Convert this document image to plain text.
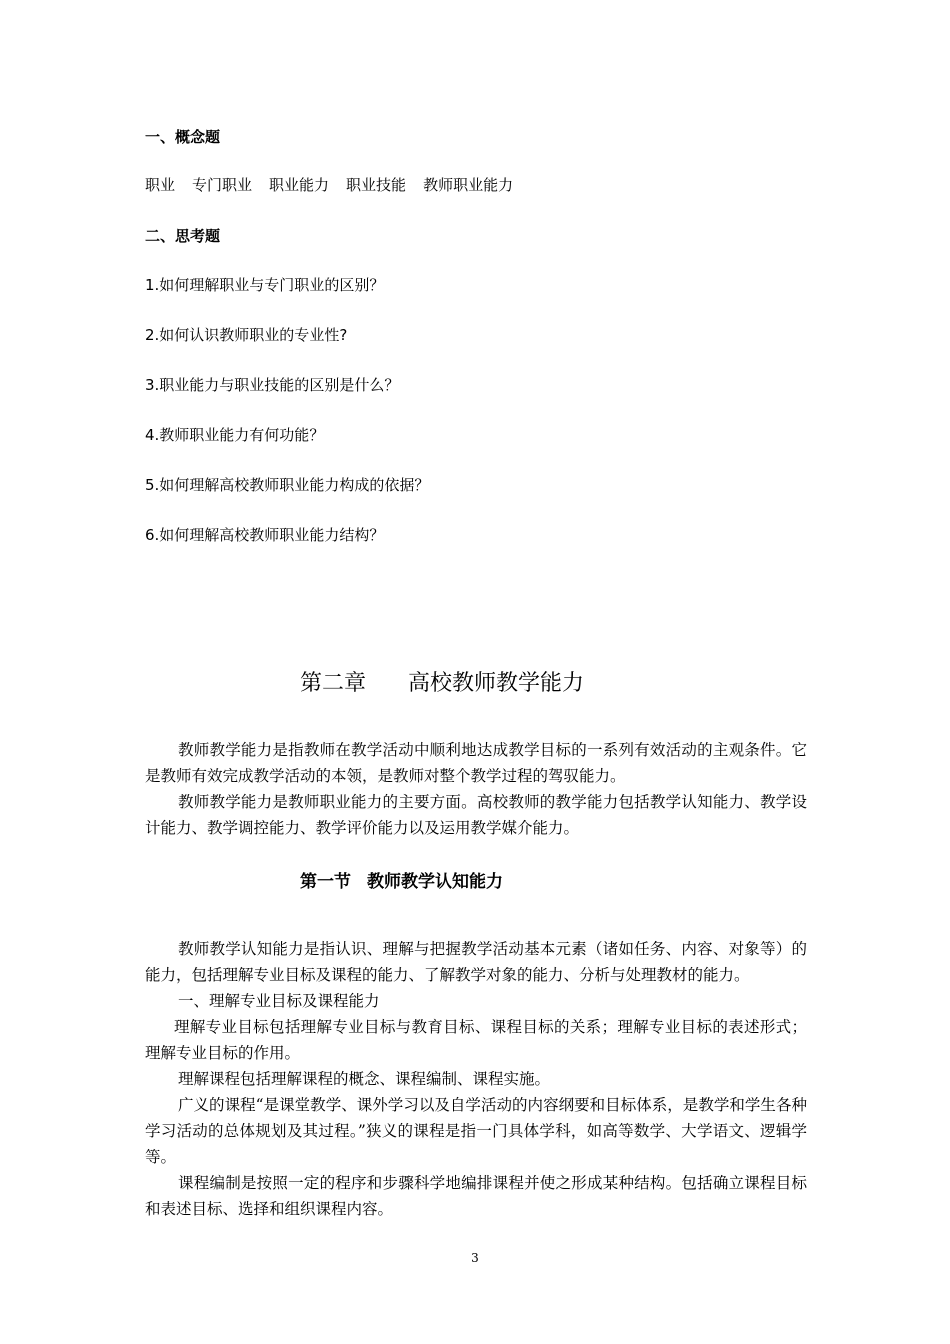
一、概念题
职业 专门职业 职业能力 职业技能 教师职业能力
二、思考题
1.如何理解职业与专门职业的区别？
2.如何认识教师职业的专业性?
3.职业能力与职业技能的区别是什么？
4.教师职业能力有何功能？
5.如何理解高校教师职业能力构成的依据？
6.如何理解高校教师职业能力结构？
第二章 高校教师教学能力
教师教学能力是指教师在教学活动中顺利地达成教学目标的一系列有效活动的主观条件。它是教师有效完成教学活动的本领，是教师对整个教学过程的驾驭能力。
教师教学能力是教师职业能力的主要方面。高校教师的教学能力包括教学认知能力、教学设计能力、教学调控能力、教学评价能力以及运用教学媒介能力。
第一节 教师教学认知能力
教师教学认知能力是指认识、理解与把握教学活动基本元素（诸如任务、内容、对象等）的能力，包括理解专业目标及课程的能力、了解教学对象的能力、分析与处理教材的能力。
一、理解专业目标及课程能力
理解专业目标包括理解专业目标与教育目标、课程目标的关系；理解专业目标的表述形式；理解专业目标的作用。
理解课程包括理解课程的概念、课程编制、课程实施。
广义的课程“是课堂教学、课外学习以及自学活动的内容纲要和目标体系，是教学和学生各种学习活动的总体规划及其过程。”狭义的课程是指一门具体学科，如高等数学、大学语文、逻辑学等。
课程编制是按照一定的程序和步骤科学地编排课程并使之形成某种结构。包括确立课程目标和表述目标、选择和组织课程内容。
3
